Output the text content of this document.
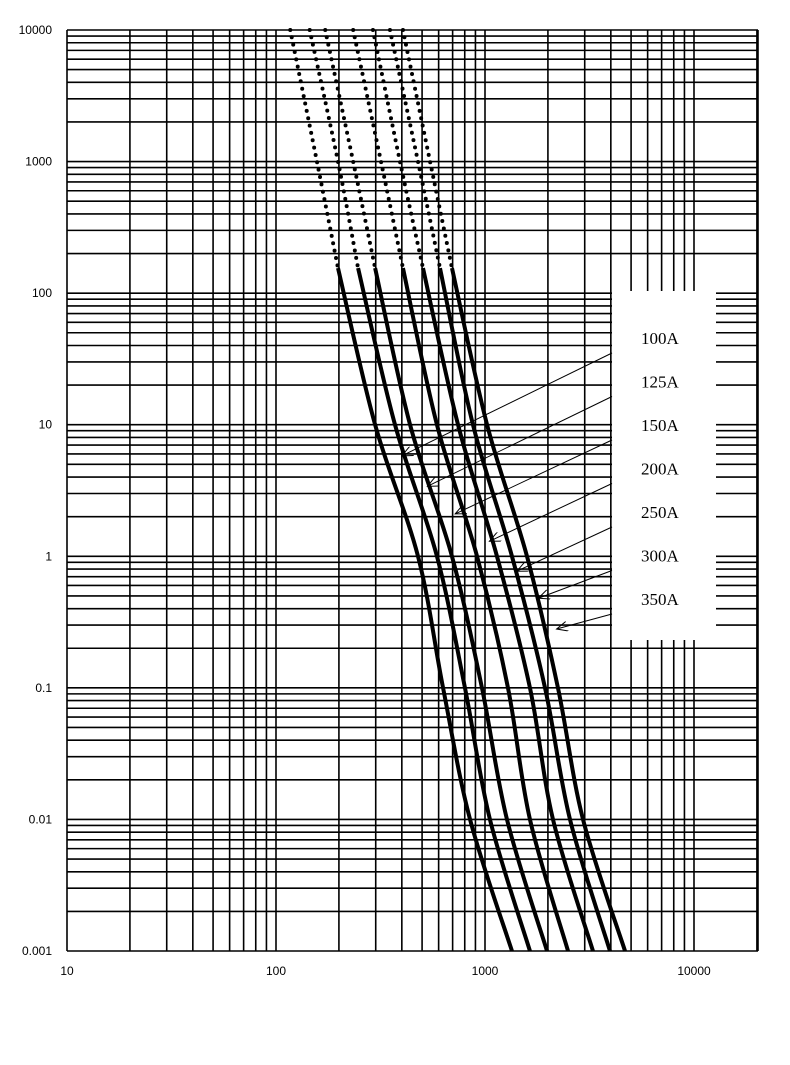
100A
125A
150A
200A
250A
300A
350A
10000
1000
100
10
1
0.1
0.01
0.001
10	100	1000	10000
